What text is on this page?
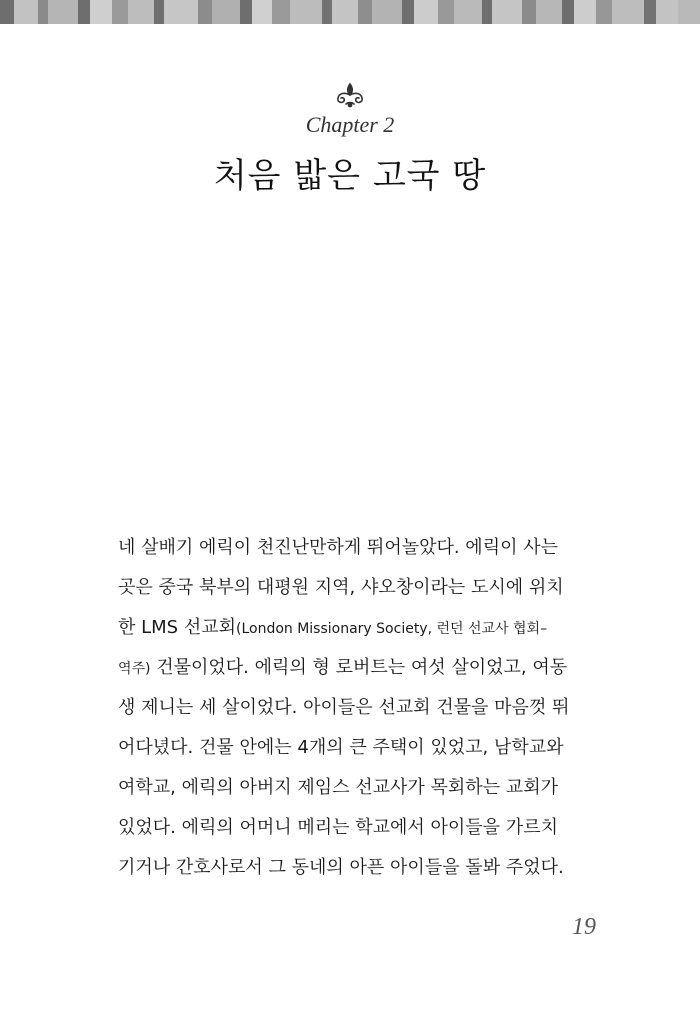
Chapter 2
처음 밟은 고국 땅
네 살배기 에릭이 천진난만하게 뛰어놀았다. 에릭이 사는
곳은 중국 북부의 대평원 지역, 샤오창이라는 도시에 위치
한 LMS 선교회(London Missionary Society, 런던 선교사 협회–
역주) 건물이었다. 에릭의 형 로버트는 여섯 살이었고, 여동
생 제니는 세 살이었다. 아이들은 선교회 건물을 마음껏 뛰
어다녔다. 건물 안에는 4개의 큰 주택이 있었고, 남학교와
여학교, 에릭의 아버지 제임스 선교사가 목회하는 교회가
있었다. 에릭의 어머니 메리는 학교에서 아이들을 가르치
기거나 간호사로서 그 동네의 아픈 아이들을 돌봐 주었다.
19
